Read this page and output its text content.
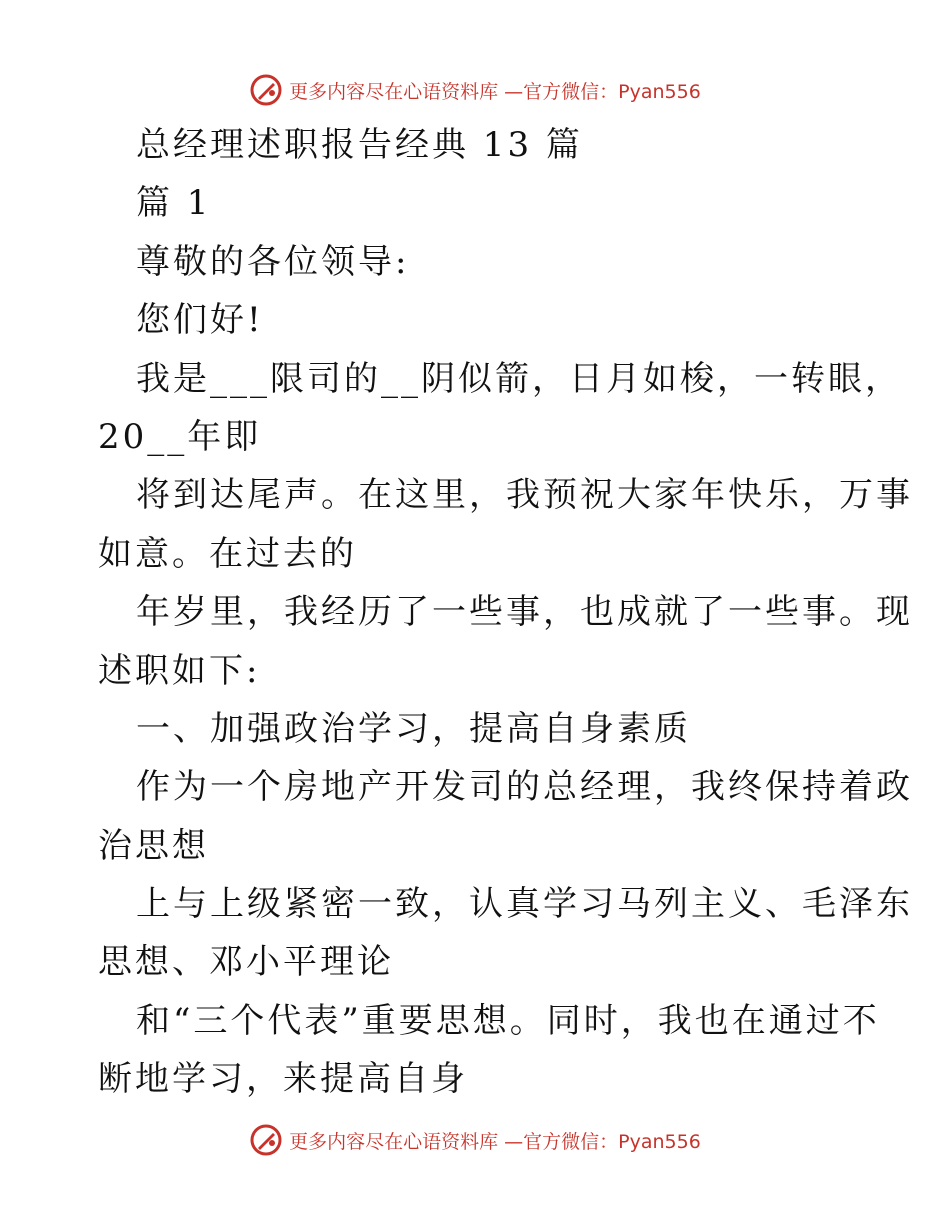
更多内容尽在心语资料库 —官方微信：Pyan556
总经理述职报告经典 13 篇
篇 1
尊敬的各位领导:
您们好!
我是___限司的__阴似箭，日月如梭，一转眼，
20__年即
将到达尾声。在这里，我预祝大家年快乐，万事
如意。在过去的
年岁里，我经历了一些事，也成就了一些事。现
述职如下:
一、加强政治学习，提高自身素质
作为一个房地产开发司的总经理，我终保持着政
治思想
上与上级紧密一致，认真学习马列主义、毛泽东
思想、邓小平理论
和“三个代表”重要思想。同时，我也在通过不
断地学习，来提高自身
更多内容尽在心语资料库 —官方微信：Pyan556
